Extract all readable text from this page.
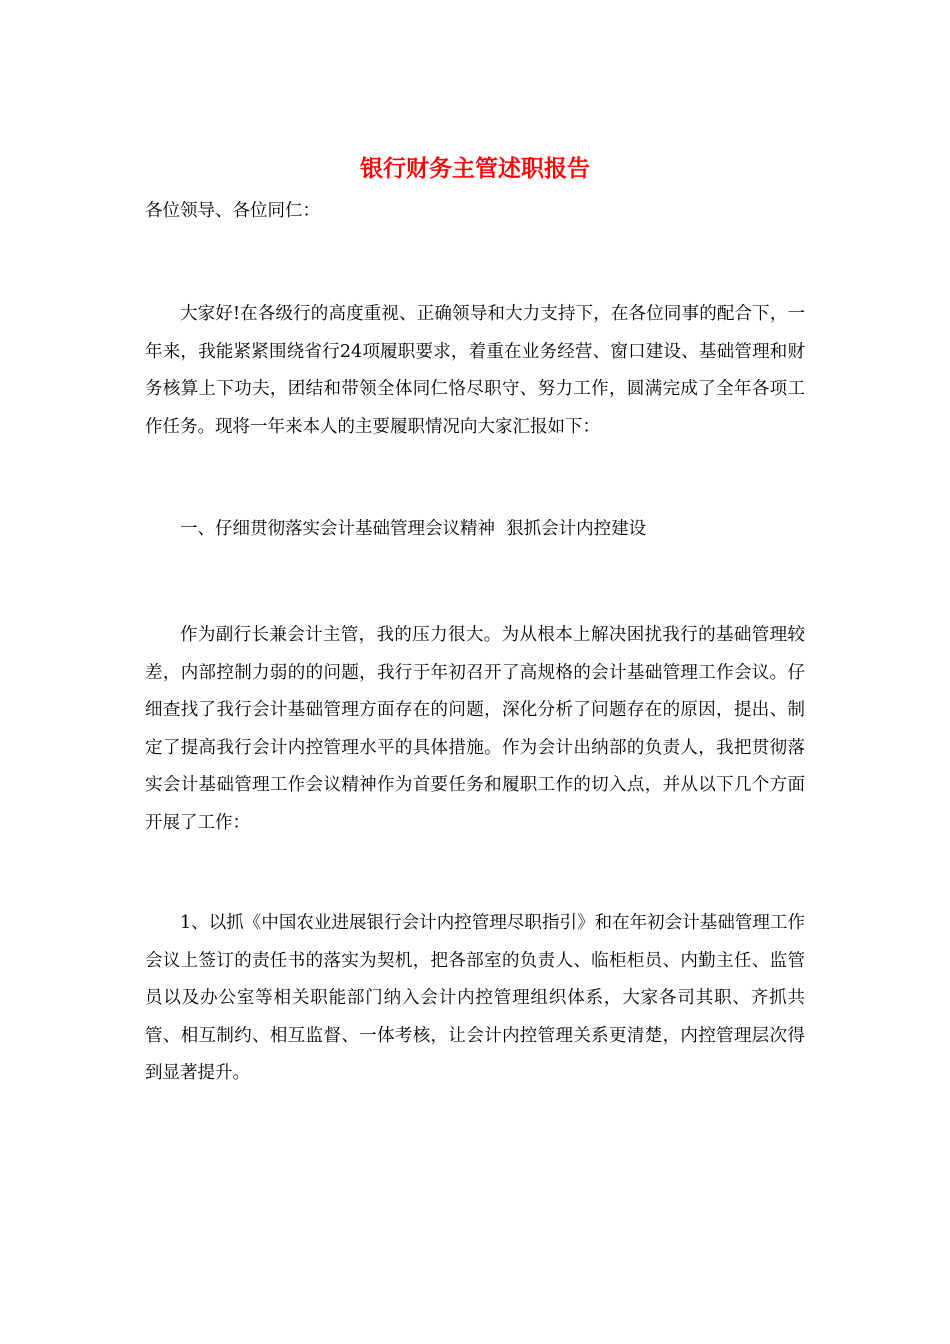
银行财务主管述职报告
各位领导、各位同仁：

大家好!在各级行的高度重视、正确领导和大力支持下，在各位同事的配合下，一年来，我能紧紧围绕省行24项履职要求，着重在业务经营、窗口建设、基础管理和财务核算上下功夫，团结和带领全体同仁恪尽职守、努力工作，圆满完成了全年各项工作任务。现将一年来本人的主要履职情况向大家汇报如下：

一、仔细贯彻落实会计基础管理会议精神  狠抓会计内控建设

作为副行长兼会计主管，我的压力很大。为从根本上解决困扰我行的基础管理较差，内部控制力弱的的问题，我行于年初召开了高规格的会计基础管理工作会议。仔细查找了我行会计基础管理方面存在的问题，深化分析了问题存在的原因，提出、制定了提高我行会计内控管理水平的具体措施。作为会计出纳部的负责人，我把贯彻落实会计基础管理工作会议精神作为首要任务和履职工作的切入点，并从以下几个方面开展了工作：

1、以抓《中国农业进展银行会计内控管理尽职指引》和在年初会计基础管理工作会议上签订的责任书的落实为契机，把各部室的负责人、临柜柜员、内勤主任、监管员以及办公室等相关职能部门纳入会计内控管理组织体系，大家各司其职、齐抓共管、相互制约、相互监督、一体考核，让会计内控管理关系更清楚，内控管理层次得到显著提升。
